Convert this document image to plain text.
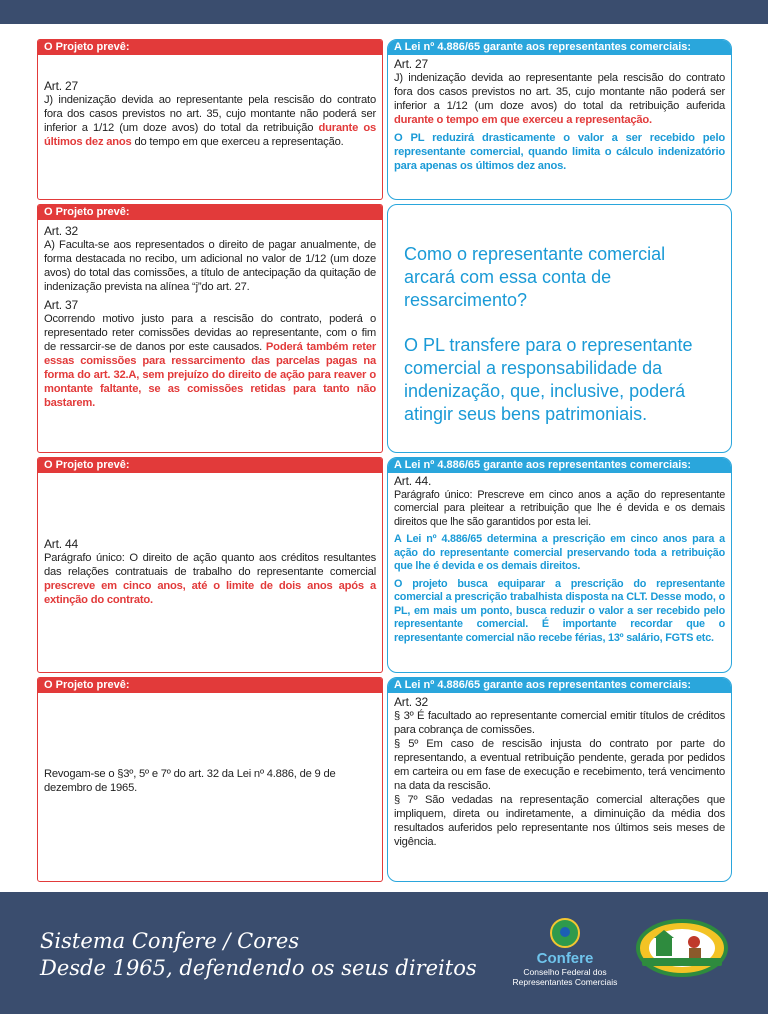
O Projeto prevê:
Art. 27
J) indenização devida ao representante pela rescisão do contrato fora dos casos previstos no art. 35, cujo montante não poderá ser inferior a 1/12 (um doze avos) do total da retribuição durante os últimos dez anos do tempo em que exerceu a representação.
A Lei nº 4.886/65 garante aos representantes comerciais:
Art. 27
J) indenização devida ao representante pela rescisão do contrato fora dos casos previstos no art. 35, cujo montante não poderá ser inferior a 1/12 (um doze avos) do total da retribuição auferida durante o tempo em que exerceu a representação.
O PL reduzirá drasticamente o valor a ser recebido pelo representante comercial, quando limita o cálculo indenizatório para apenas os últimos dez anos.
O Projeto prevê:
Art. 32
A) Faculta-se aos representados o direito de pagar anualmente, de forma destacada no recibo, um adicional no valor de 1/12 (um doze avos) do total das comissões, a título de antecipação da quitação de indenização prevista na alínea “j”do art. 27.
Art. 37
Ocorrendo motivo justo para a rescisão do contrato, poderá o representado reter comissões devidas ao representante, com o fim de ressarcir-se de danos por este causados. Poderá também reter essas comissões para ressarcimento das parcelas pagas na forma do art. 32.A, sem prejuízo do direito de ação para reaver o montante faltante, se as comissões retidas para tanto não bastarem.
Como o representante comercial arcará com essa conta de ressarcimento?
O PL transfere para o representante comercial a responsabilidade da indenização, que, inclusive, poderá atingir seus bens patrimoniais.
O Projeto prevê:
Art. 44
Parágrafo único: O direito de ação quanto aos créditos resultantes das relações contratuais de trabalho do representante comercial prescreve em cinco anos, até o limite de dois anos após a extinção do contrato.
A Lei nº 4.886/65 garante aos representantes comerciais:
Art. 44.
Parágrafo único: Prescreve em cinco anos a ação do representante comercial para pleitear a retribuição que lhe é devida e os demais direitos que lhe são garantidos por esta lei.
A Lei nº 4.886/65 determina a prescrição em cinco anos para a ação do representante comercial preservando toda a retribuição que lhe é devida e os demais direitos.
O projeto busca equiparar a prescrição do representante comercial a prescrição trabalhista disposta na CLT. Desse modo, o PL, em mais um ponto, busca reduzir o valor a ser recebido pelo representante comercial. É importante recordar que o representante comercial não recebe férias, 13º salário, FGTS etc.
O Projeto prevê:
Revogam-se o §3º, 5º e 7º do art. 32 da Lei nº 4.886, de 9 de dezembro de 1965.
A Lei nº 4.886/65 garante aos representantes comerciais:
Art. 32
§ 3º É facultado ao representante comercial emitir títulos de créditos para cobrança de comissões.
§ 5º Em caso de rescisão injusta do contrato por parte do representando, a eventual retribuição pendente, gerada por pedidos em carteira ou em fase de execução e recebimento, terá vencimento na data da rescisão.
§ 7º São vedadas na representação comercial alterações que impliquem, direta ou indiretamente, a diminuição da média dos resultados auferidos pelo representante nos últimos seis meses de vigência.
Sistema Confere / Cores
Desde 1965, defendendo os seus direitos	Confere
Conselho Federal dos Representantes Comerciais
